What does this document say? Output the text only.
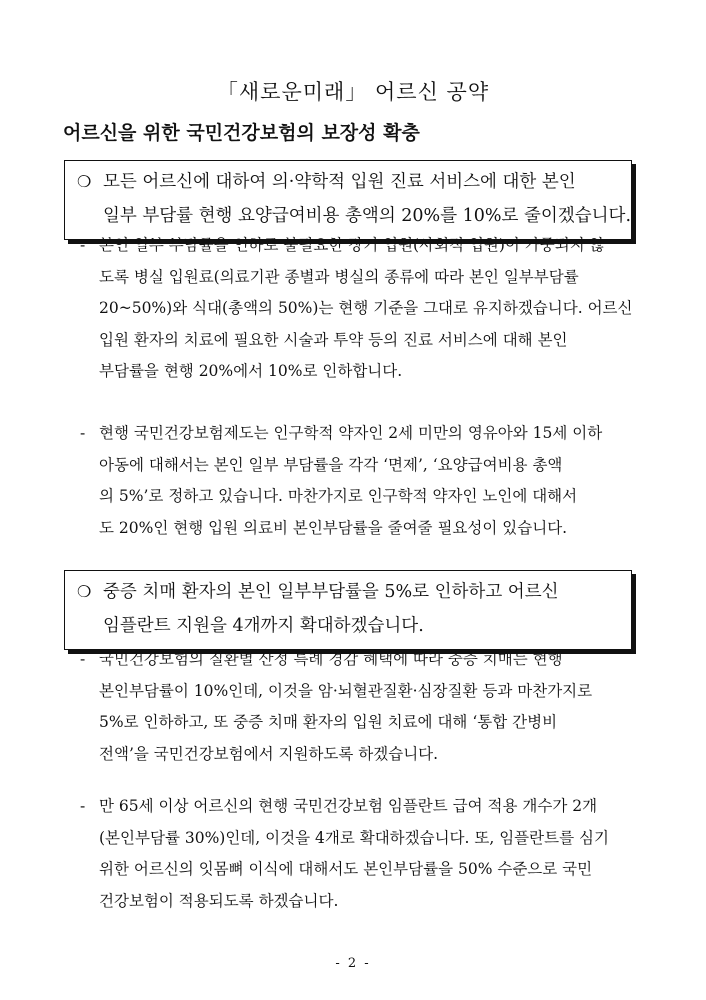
「새로운미래」 어르신 공약
어르신을 위한 국민건강보험의 보장성 확충
❍ 모든 어르신에 대하여 의·약학적 입원 진료 서비스에 대한 본인
일부 부담률 현행 요양급여비용 총액의 20%를 10%로 줄이겠습니다.
- 본인 일부 부담률을 인하로 불필요한 장기 입원(사회적 입원)이 가중되지 않
도록 병실 입원료(의료기관 종별과 병실의 종류에 따라 본인 일부부담률
20~50%)와 식대(총액의 50%)는 현행 기준을 그대로 유지하겠습니다. 어르신
입원 환자의 치료에 필요한 시술과 투약 등의 진료 서비스에 대해 본인
부담률을 현행 20%에서 10%로 인하합니다.
- 현행 국민건강보험제도는 인구학적 약자인 2세 미만의 영유아와 15세 이하
아동에 대해서는 본인 일부 부담률을 각각 ‘면제’, ‘요양급여비용 총액
의 5%’로 정하고 있습니다. 마찬가지로 인구학적 약자인 노인에 대해서
도 20%인 현행 입원 의료비 본인부담률을 줄여줄 필요성이 있습니다.
❍ 중증 치매 환자의 본인 일부부담률을 5%로 인하하고 어르신
임플란트 지원을 4개까지 확대하겠습니다.
- 국민건강보험의 질환별 산정 특례 경감 혜택에 따라 중증 치매는 현행
본인부담률이 10%인데, 이것을 암·뇌혈관질환·심장질환 등과 마찬가지로
5%로 인하하고, 또 중증 치매 환자의 입원 치료에 대해 ‘통합 간병비
전액’을 국민건강보험에서 지원하도록 하겠습니다.
- 만 65세 이상 어르신의 현행 국민건강보험 임플란트 급여 적용 개수가 2개
(본인부담률 30%)인데, 이것을 4개로 확대하겠습니다. 또, 임플란트를 심기
위한 어르신의 잇몸뼈 이식에 대해서도 본인부담률을 50% 수준으로 국민
건강보험이 적용되도록 하겠습니다.
- 2 -
